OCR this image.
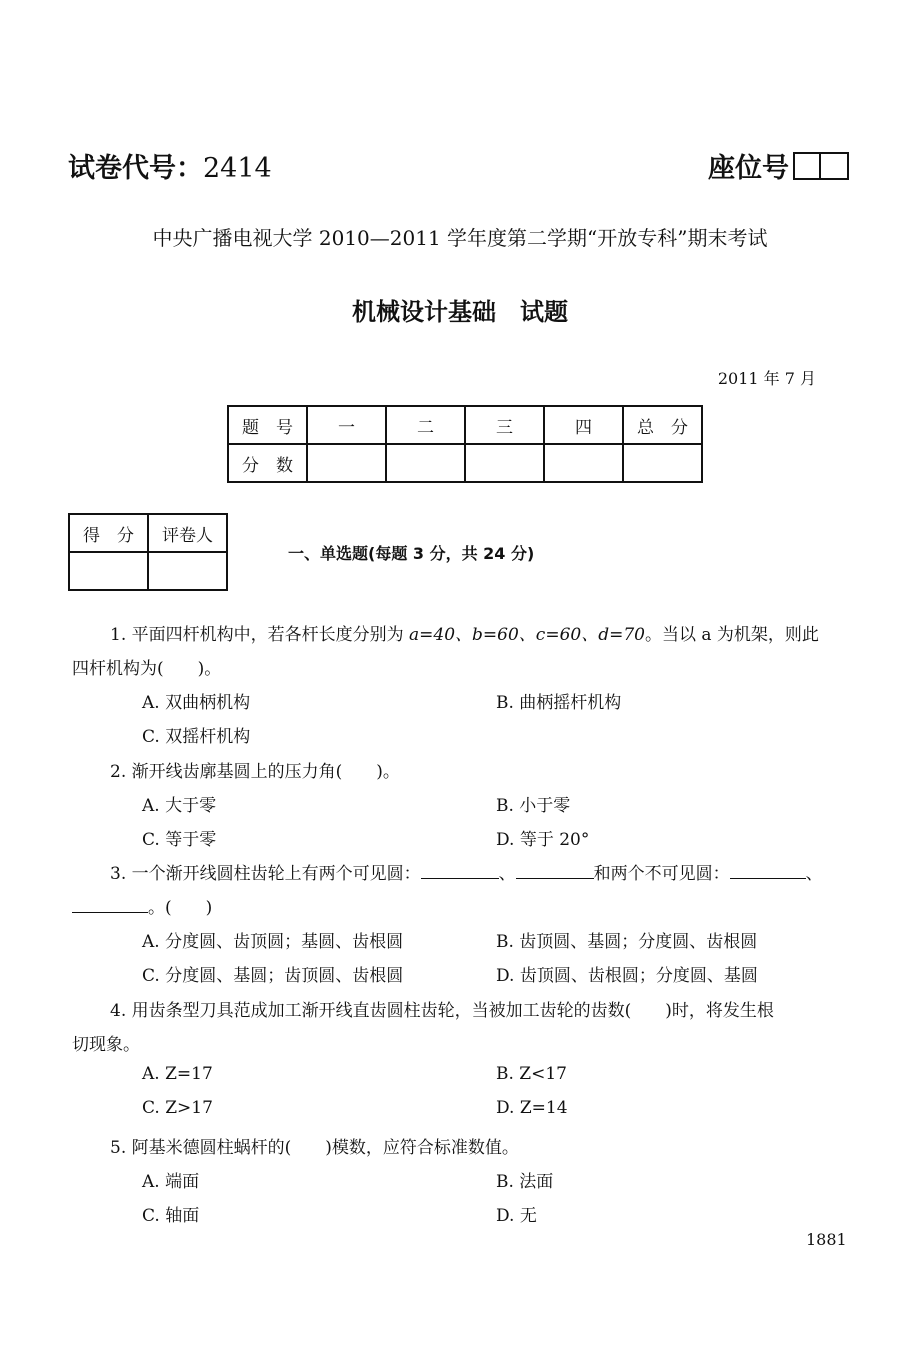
试卷代号：2414	座位号
中央广播电视大学 2010—2011 学年度第二学期“开放专科”期末考试
机械设计基础　试题
2011 年 7 月
题　号	一	二	三	四	总　分
分　数					
得　分	评卷人

一、单选题(每题 3 分，共 24 分)
1. 平面四杆机构中，若各杆长度分别为 a=40、b=60、c=60、d=70。当以 a 为机架，则此
四杆机构为(　　)。
A. 双曲柄机构	B. 曲柄摇杆机构
C. 双摇杆机构
2. 渐开线齿廓基圆上的压力角(　　)。
A. 大于零	B. 小于零
C. 等于零	D. 等于 20°
3. 一个渐开线圆柱齿轮上有两个可见圆：	、	和两个不可见圆：	、
。(　　)
A. 分度圆、齿顶圆；基圆、齿根圆	B. 齿顶圆、基圆；分度圆、齿根圆
C. 分度圆、基圆；齿顶圆、齿根圆	D. 齿顶圆、齿根圆；分度圆、基圆
4. 用齿条型刀具范成加工渐开线直齿圆柱齿轮，当被加工齿轮的齿数(　　)时，将发生根
切现象。
A. Z=17	B. Z<17
C. Z>17	D. Z=14
5. 阿基米德圆柱蜗杆的(　　)模数，应符合标准数值。
A. 端面	B. 法面
C. 轴面	D. 无
1881
